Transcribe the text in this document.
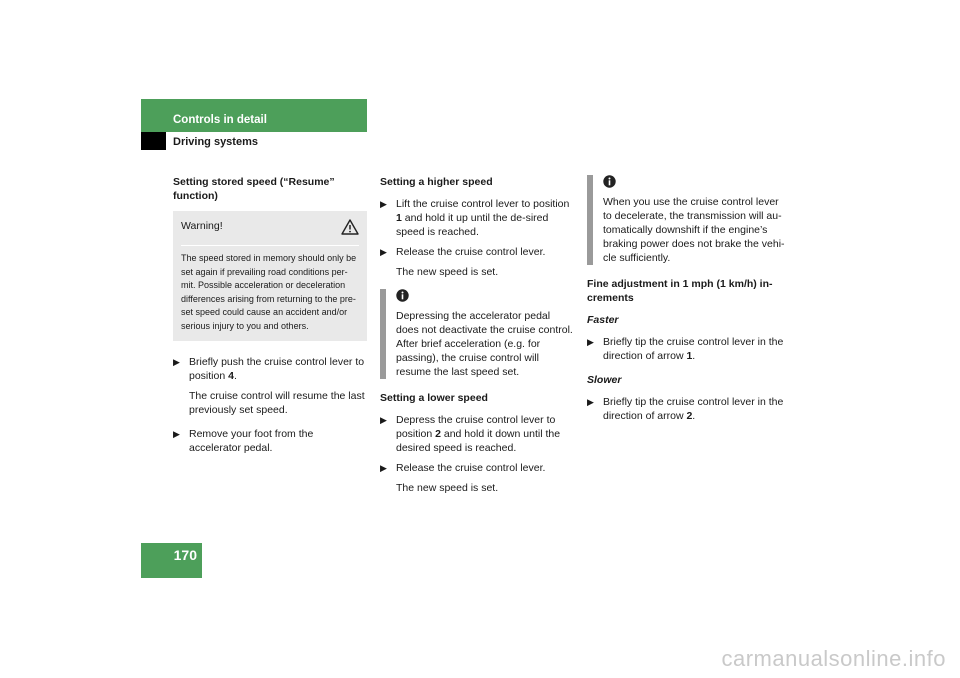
Controls in detail
Driving systems
Setting stored speed (“Resume” function)
Warning!
The speed stored in memory should only be set again if prevailing road conditions per-mit. Possible acceleration or deceleration differences arising from returning to the pre-set speed could cause an accident and/or serious injury to you and others.
▶ Briefly push the cruise control lever to position 4.
The cruise control will resume the last previously set speed.
▶ Remove your foot from the accelerator pedal.
Setting a higher speed
▶ Lift the cruise control lever to position 1 and hold it up until the de-sired speed is reached.
▶ Release the cruise control lever.
The new speed is set.
Depressing the accelerator pedal does not deactivate the cruise control. After brief acceleration (e.g. for passing), the cruise control will resume the last speed set.
Setting a lower speed
▶ Depress the cruise control lever to position 2 and hold it down until the desired speed is reached.
▶ Release the cruise control lever.
The new speed is set.
When you use the cruise control lever to decelerate, the transmission will au-tomatically downshift if the engine’s braking power does not brake the vehi-cle sufficiently.
Fine adjustment in 1 mph (1 km/h) in-crements
Faster
▶ Briefly tip the cruise control lever in the direction of arrow 1.
Slower
▶ Briefly tip the cruise control lever in the direction of arrow 2.
170
carmanualsonline.info
